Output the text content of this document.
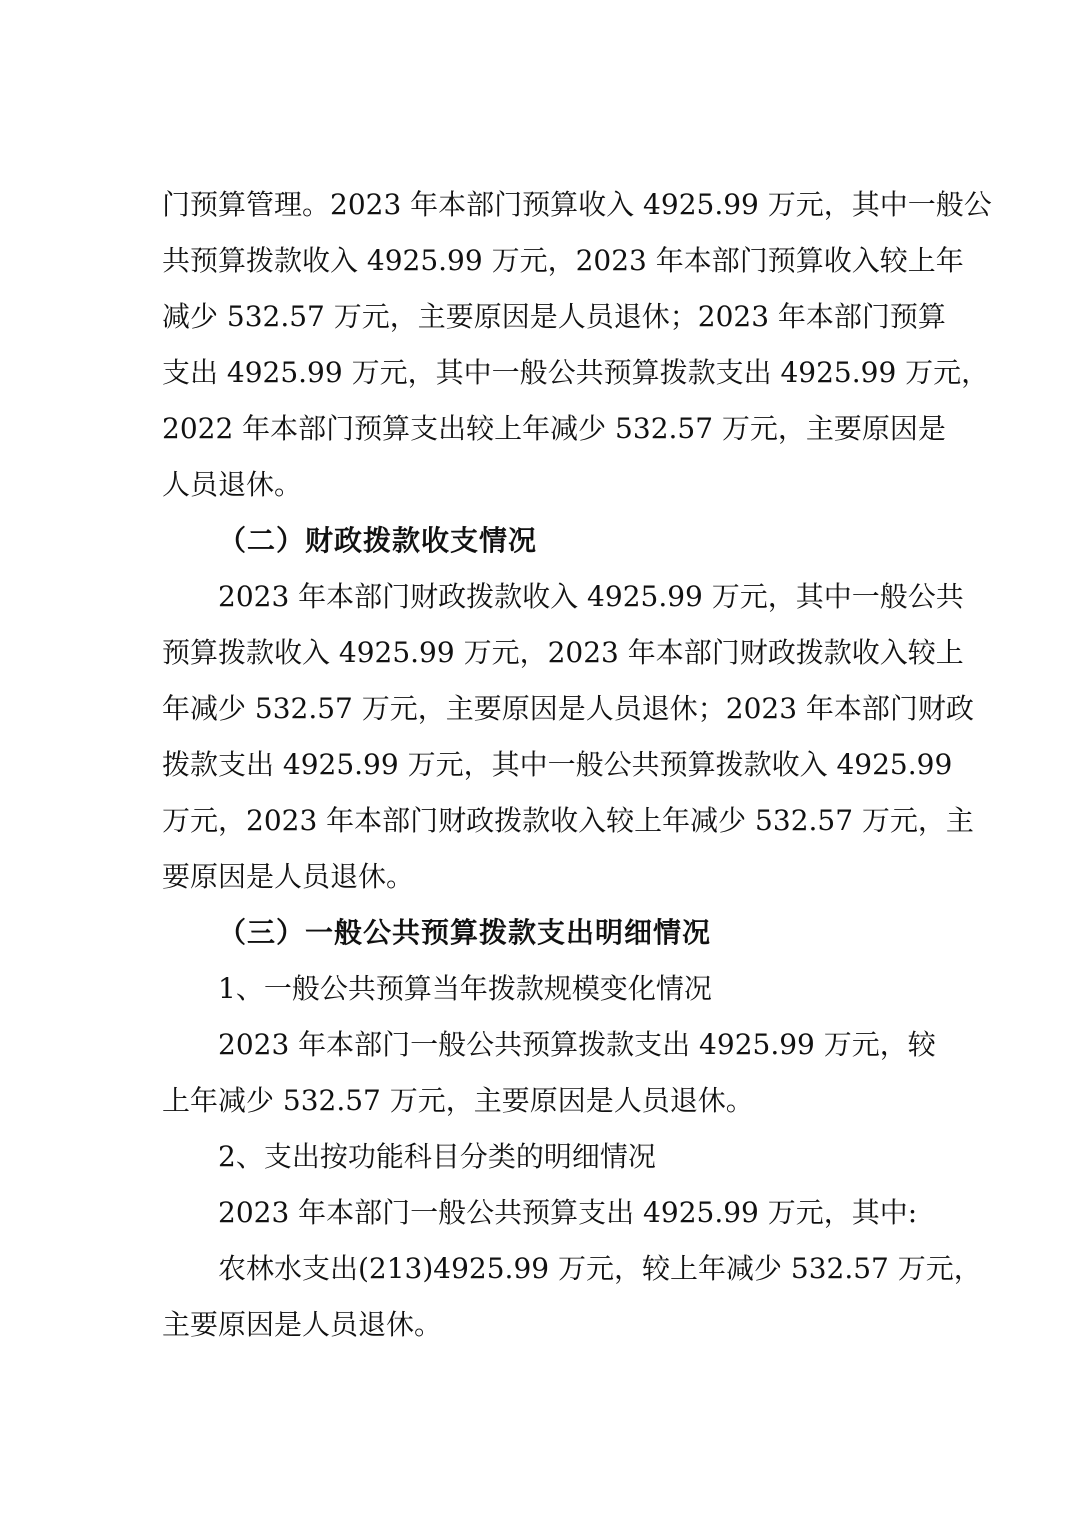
门预算管理。2023 年本部门预算收入 4925.99 万元，其中一般公
共预算拨款收入 4925.99 万元，2023 年本部门预算收入较上年
减少 532.57 万元，主要原因是人员退休；2023 年本部门预算
支出 4925.99 万元，其中一般公共预算拨款支出 4925.99 万元，
2022 年本部门预算支出较上年减少 532.57 万元，主要原因是
人员退休。
（二）财政拨款收支情况
2023 年本部门财政拨款收入 4925.99 万元，其中一般公共
预算拨款收入 4925.99 万元，2023 年本部门财政拨款收入较上
年减少 532.57 万元，主要原因是人员退休；2023 年本部门财政
拨款支出 4925.99 万元，其中一般公共预算拨款收入 4925.99
万元，2023 年本部门财政拨款收入较上年减少 532.57 万元，主
要原因是人员退休。
（三）一般公共预算拨款支出明细情况
1、一般公共预算当年拨款规模变化情况
2023 年本部门一般公共预算拨款支出 4925.99 万元，较
上年减少 532.57 万元，主要原因是人员退休。
2、支出按功能科目分类的明细情况
2023 年本部门一般公共预算支出 4925.99 万元，其中:
农林水支出(213)4925.99 万元，较上年减少 532.57 万元，
主要原因是人员退休。
